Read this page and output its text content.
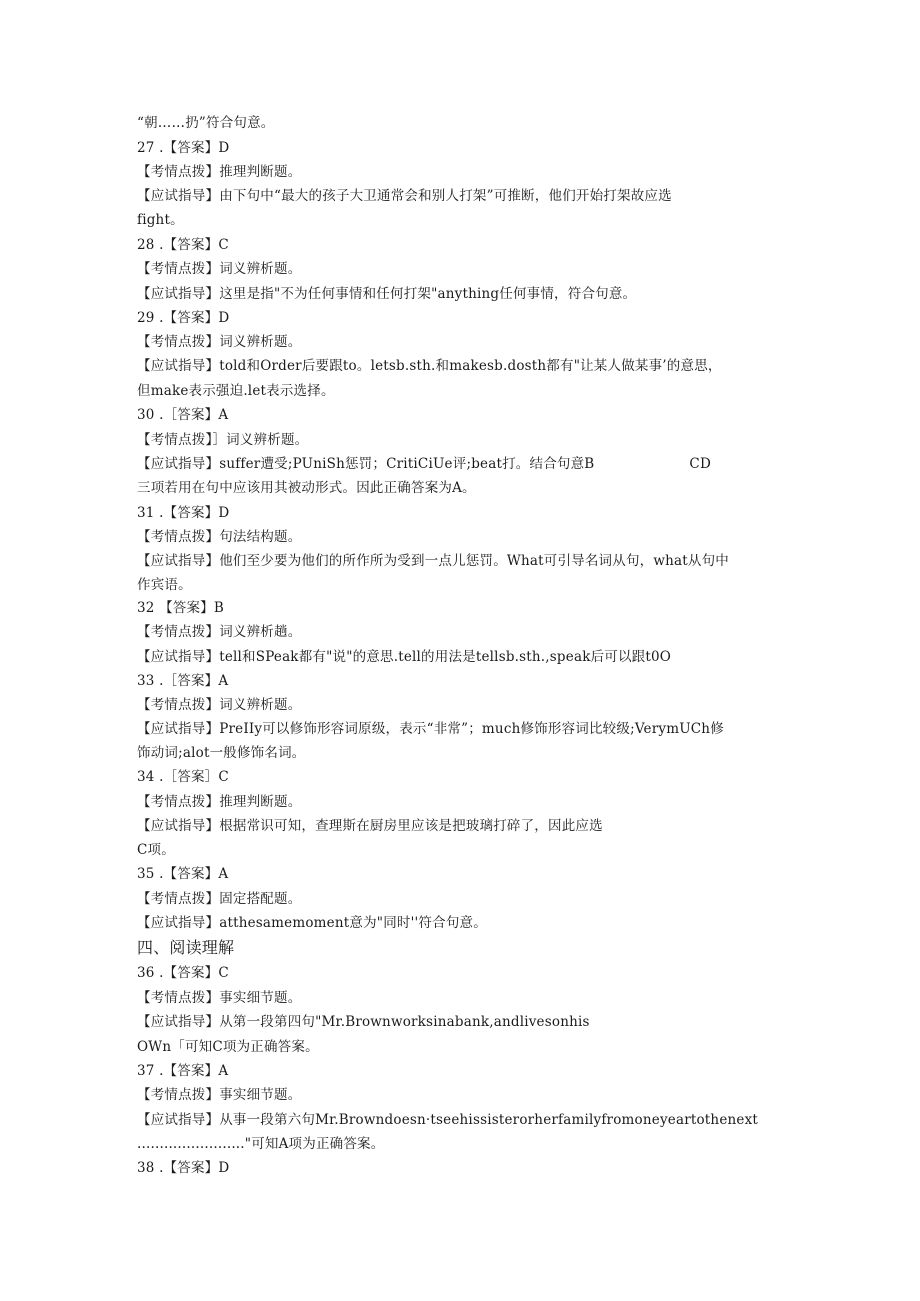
“朝……扔”符合句意。
27 .【答案】D
【考情点拨】推理判断题。
【应试指导】由下句中“最大的孩子大卫通常会和别人打架”可推断，他们开始打架故应选
fight。
28 .【答案】C
【考情点拨】词义辨析题。
【应试指导】这里是指"不为任何事情和任何打架"anything任何事情，符合句意。
29 .【答案】D
【考情点拨】词义辨析题。
【应试指导】told和Order后要跟to。letsb.sth.和makesb.dosth都有"让某人做某事’的意思，
但make表示强迫.let表示选择。
30 .［答案】A
【考情点拨】］词义辨析题。
【应试指导】suffer遭受;PUniSh惩罚；CritiCiUe评;beat打。结合句意B	CD
三项若用在句中应该用其被动形式。因此正确答案为A。
31 .【答案】D
【考情点拨】句法结构题。
【应试指导】他们至少要为他们的所作所为受到一点儿惩罚。What可引导名词从句，what从句中
作宾语。
32 【答案】B
【考情点拨】词义辨析趟。
【应试指导】tell和SPeak都有"说"的意思.tell的用法是tellsb.sth.,speak后可以跟t0O
33 .［答案】A
【考情点拨】词义辨析题。
【应试指导】PreIIy可以修饰形容词原级，表示“非常”；much修饰形容词比较级;VerymUCh修
饰动词;alot一般修饰名词。
34 .［答案］C
【考情点拨】推理判断题。
【应试指导】根据常识可知，查理斯在厨房里应该是把玻璃打碎了，因此应选
C项。
35 .【答案】A
【考情点拨】固定搭配题。
【应试指导】atthesamemoment意为"同时''符合句意。
四、阅读理解
36 .【答案】C
【考情点拨】事实细节题。
【应试指导】从第一段第四句"Mr.Brownworksinabank,andlivesonhis
OWn「可知C项为正确答案。
37 .【答案】A
【考情点拨】事实细节题。
【应试指导】从事一段第六句Mr.Browndoesn·tseehissisterorherfamilyfromoneyeartothenext
........................"可知A项为正确答案。
38 .【答案】D
